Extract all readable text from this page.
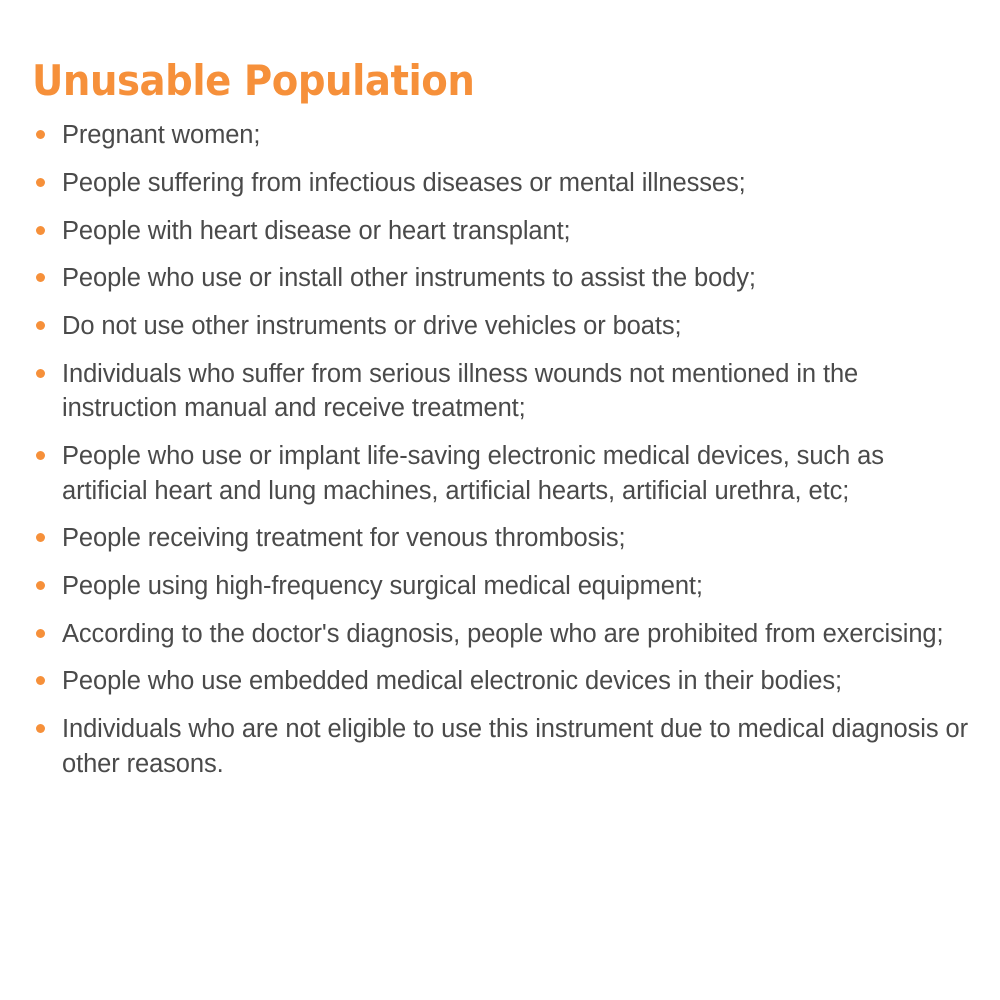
Unusable Population
Pregnant women;
People suffering from infectious diseases or mental illnesses;
People with heart disease or heart transplant;
People who use or install other instruments to assist the body;
Do not use other instruments or drive vehicles or boats;
Individuals who suffer from serious illness wounds not mentioned in the instruction manual and receive treatment;
People who use or implant life-saving electronic medical devices, such as artificial heart and lung machines, artificial hearts, artificial urethra, etc;
People receiving treatment for venous thrombosis;
People using high-frequency surgical medical equipment;
According to the doctor's diagnosis, people who are prohibited from exercising;
People who use embedded medical electronic devices in their bodies;
Individuals who are not eligible to use this instrument due to medical diagnosis or other reasons.
